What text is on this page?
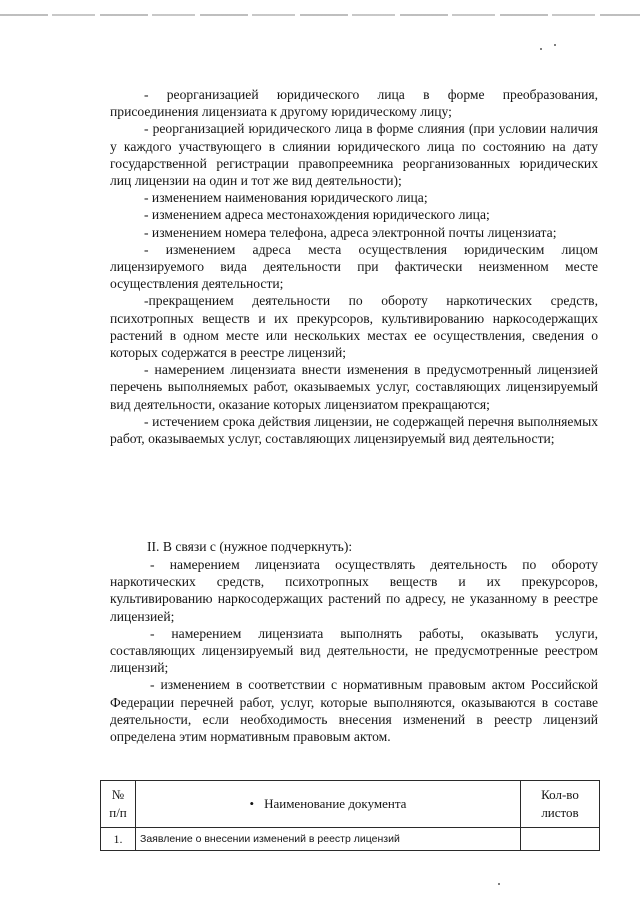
- реорганизацией юридического лица в форме преобразования, присоединения лицензиата к другому юридическому лицу;

- реорганизацией юридического лица в форме слияния (при условии наличия у каждого участвующего в слиянии юридического лица по состоянию на дату государственной регистрации правопреемника реорганизованных юридических лиц лицензии на один и тот же вид деятельности);

- изменением наименования юридического лица;

- изменением адреса местонахождения юридического лица;

- изменением номера телефона, адреса электронной почты лицензиата;

- изменением адреса места осуществления юридическим лицом лицензируемого вида деятельности при фактически неизменном месте осуществления деятельности;

-прекращением деятельности по обороту наркотических средств, психотропных веществ и их прекурсоров, культивированию наркосодержащих растений в одном месте или нескольких местах ее осуществления, сведения о которых содержатся в реестре лицензий;

- намерением лицензиата внести изменения в предусмотренный лицензией перечень выполняемых работ, оказываемых услуг, составляющих лицензируемый вид деятельности, оказание которых лицензиатом прекращаются;

- истечением срока действия лицензии, не содержащей перечня выполняемых работ, оказываемых услуг, составляющих лицензируемый вид деятельности;

II. В связи с (нужное подчеркнуть):

- намерением лицензиата осуществлять деятельность по обороту наркотических средств, психотропных веществ и их прекурсоров, культивированию наркосодержащих растений по адресу, не указанному в реестре лицензией;

- намерением лицензиата выполнять работы, оказывать услуги, составляющих лицензируемый вид деятельности, не предусмотренные реестром лицензий;

- изменением в соответствии с нормативным правовым актом Российской Федерации перечней работ, услуг, которые выполняются, оказываются в составе деятельности, если необходимость внесения изменений в реестр лицензий определена этим нормативным правовым актом.

№ п/п	• Наименование документа	Кол-во листов
1.	Заявление о внесении изменений в реестр лицензий	
